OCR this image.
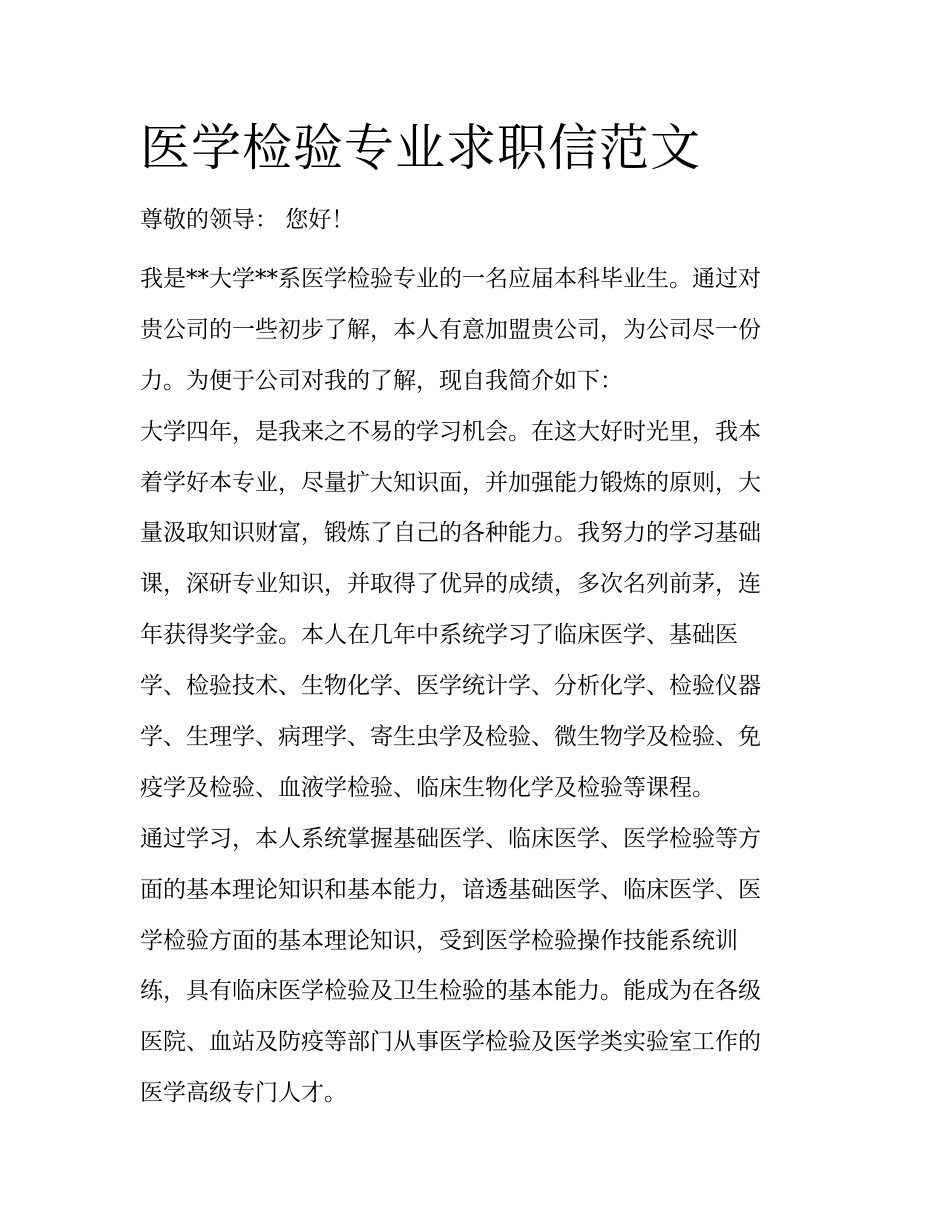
医学检验专业求职信范文

尊敬的领导： 您好！

我是**大学**系医学检验专业的一名应届本科毕业生。通过对
贵公司的一些初步了解，本人有意加盟贵公司，为公司尽一份
力。为便于公司对我的了解，现自我简介如下：

大学四年，是我来之不易的学习机会。在这大好时光里，我本
着学好本专业，尽量扩大知识面，并加强能力锻炼的原则，大
量汲取知识财富，锻炼了自己的各种能力。我努力的学习基础
课，深研专业知识，并取得了优异的成绩，多次名列前茅，连
年获得奖学金。本人在几年中系统学习了临床医学、基础医
学、检验技术、生物化学、医学统计学、分析化学、检验仪器
学、生理学、病理学、寄生虫学及检验、微生物学及检验、免
疫学及检验、血液学检验、临床生物化学及检验等课程。

通过学习，本人系统掌握基础医学、临床医学、医学检验等方
面的基本理论知识和基本能力，谙透基础医学、临床医学、医
学检验方面的基本理论知识，受到医学检验操作技能系统训
练，具有临床医学检验及卫生检验的基本能力。能成为在各级
医院、血站及防疫等部门从事医学检验及医学类实验室工作的
医学高级专门人才。
